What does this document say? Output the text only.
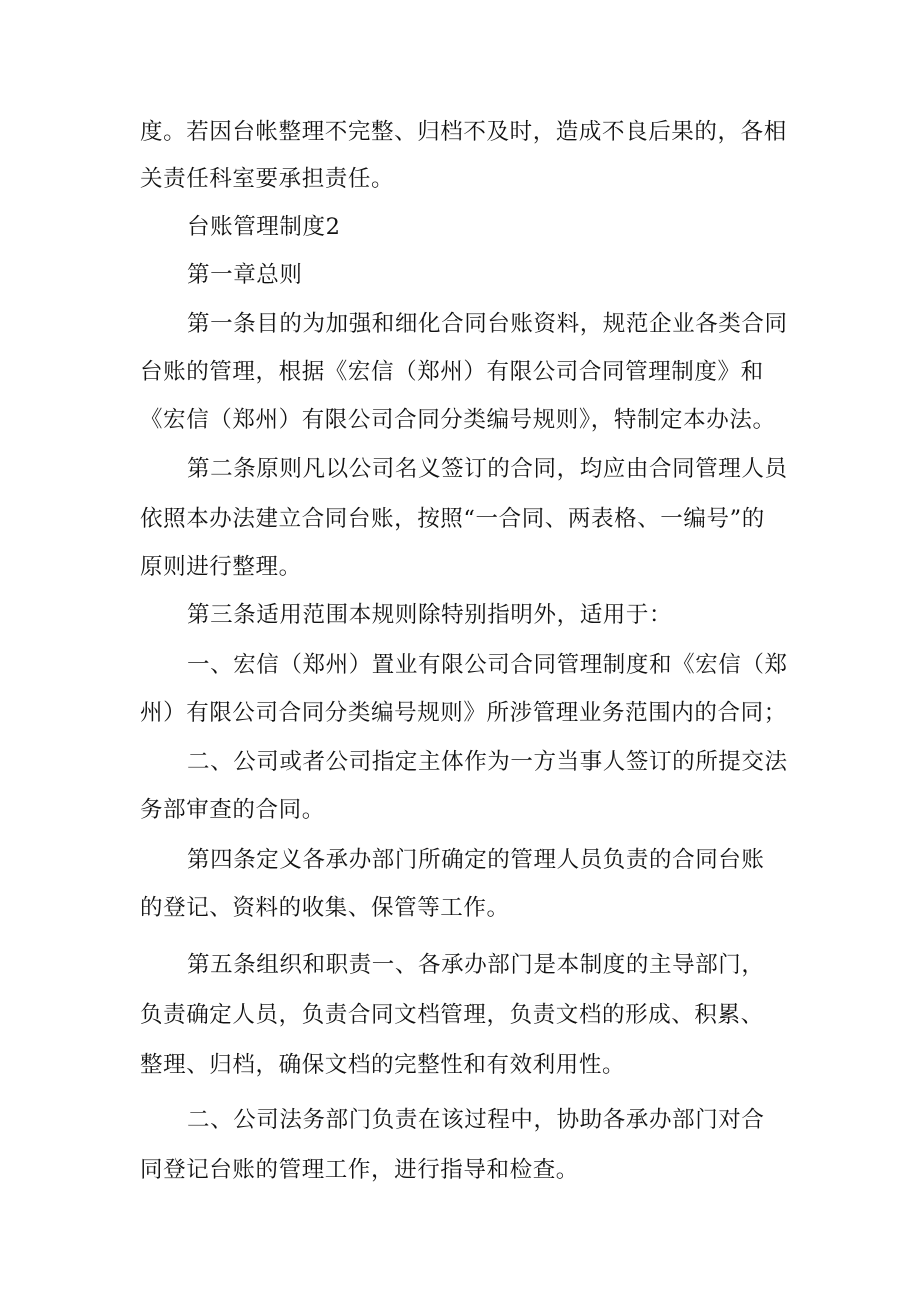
度。若因台帐整理不完整、归档不及时，造成不良后果的，各相
关责任科室要承担责任。
台账管理制度2
第一章总则
第一条目的为加强和细化合同台账资料，规范企业各类合同
台账的管理，根据《宏信（郑州）有限公司合同管理制度》和
《宏信（郑州）有限公司合同分类编号规则》，特制定本办法。
第二条原则凡以公司名义签订的合同，均应由合同管理人员
依照本办法建立合同台账，按照“一合同、两表格、一编号”的
原则进行整理。
第三条适用范围本规则除特别指明外，适用于：
一、宏信（郑州）置业有限公司合同管理制度和《宏信（郑
州）有限公司合同分类编号规则》所涉管理业务范围内的合同；
二、公司或者公司指定主体作为一方当事人签订的所提交法
务部审查的合同。
第四条定义各承办部门所确定的管理人员负责的合同台账
的登记、资料的收集、保管等工作。
第五条组织和职责一、各承办部门是本制度的主导部门，
负责确定人员，负责合同文档管理，负责文档的形成、积累、
整理、归档，确保文档的完整性和有效利用性。
二、公司法务部门负责在该过程中，协助各承办部门对合
同登记台账的管理工作，进行指导和检查。
